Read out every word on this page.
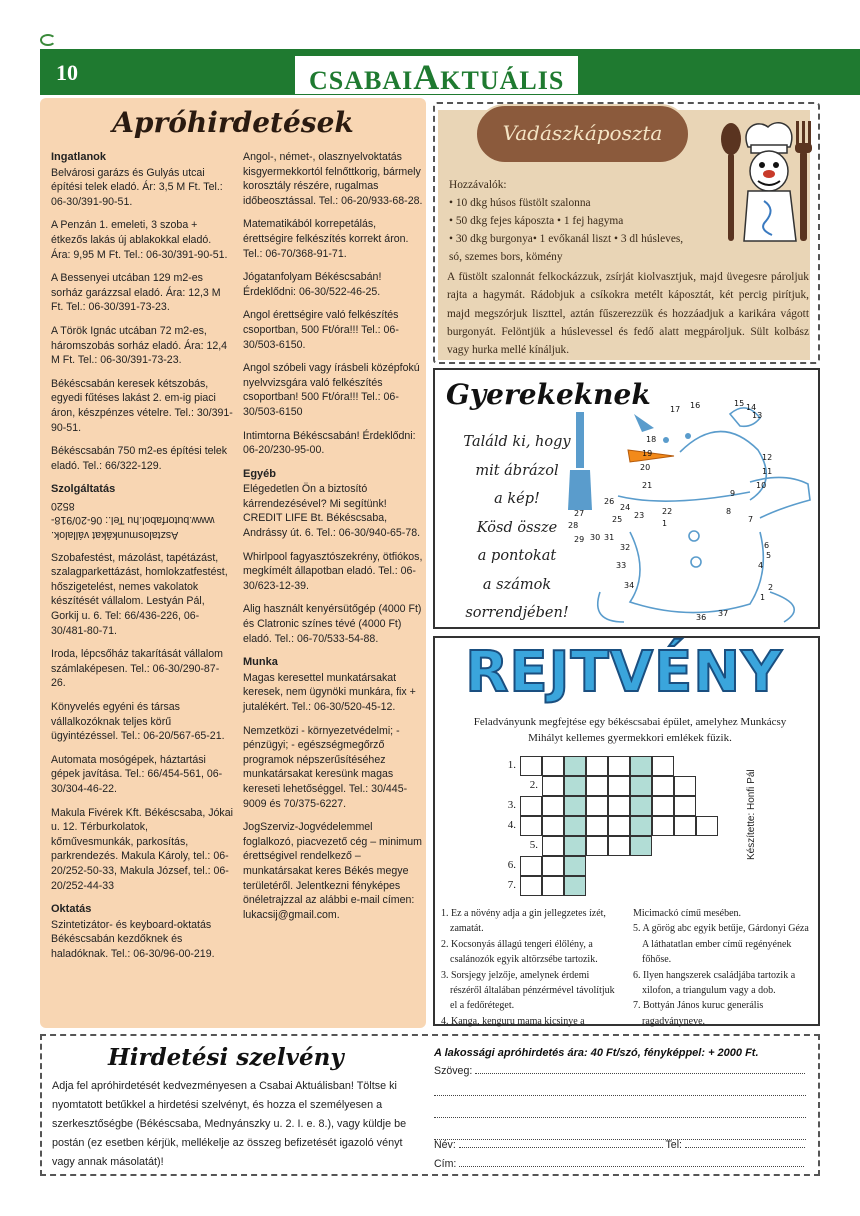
10	CSABAIAKTUÁLIS
Apróhirdetések
Ingatlanok

Belvárosi garázs és Gulyás utcai építési telek eladó. Ár: 3,5 M Ft. Tel.: 06-30/391-90-51.

A Penzán 1. emeleti, 3 szoba + étkezős lakás új ablakokkal eladó. Ára: 9,95 M Ft. Tel.: 06-30/391-90-51.

A Bessenyei utcában 129 m2-es sorház garázzsal eladó. Ára: 12,3 M Ft. Tel.: 06-30/391-73-23.

A Török Ignác utcában 72 m2-es, háromszobás sorház eladó. Ára: 12,4 M Ft. Tel.: 06-30/391-73-23.

Békéscsabán keresek kétszobás, egyedi fűtéses lakást 2. em-ig piaci áron, készpénzes vételre. Tel.: 30/391-90-51.

Békéscsabán 750 m2-es építési telek eladó. Tel.: 66/322-129.

Szolgáltatás

Asztalosmunkákat vállalok. www.butorfabol.hu Tel.: 06-20/918-8520

Szobafestést, mázolást, tapétázást, szalagparkettázást, homlokzatfestést, hőszigetelést, nemes vakolatok készítését vállalom. Lestyán Pál, Gorkij u. 6. Tel: 66/436-226, 06-30/481-80-71.

Iroda, lépcsőház takarítását vállalom számlaképesen. Tel.: 06-30/290-87-26.

Könyvelés egyéni és társas vállalkozóknak teljes körű ügyintézéssel. Tel.: 06-20/567-65-21.

Automata mosógépek, háztartási gépek javítása. Tel.: 66/454-561, 06-30/304-46-22.

Makula Fivérek Kft. Békéscsaba, Jókai u. 12. Térburkolatok, kőművesmunkák, parkosítás, parkrendezés. Makula Károly, tel.: 06-20/252-50-33, Makula József, tel.: 06-20/252-44-33

Oktatás

Szintetizátor- és keyboard-oktatás Békéscsabán kezdőknek és haladóknak. Tel.: 06-30/96-00-219.

Angol-, német-, olasznyelvoktatás kisgyermekkortól felnőttkorig, bármely korosztály részére, rugalmas időbeosztással. Tel.: 06-20/933-68-28.

Matematikából korrepetálás, érettségire felkészítés korrekt áron. Tel.: 06-70/368-91-71.

Jógatanfolyam Békéscsabán! Érdeklődni: 06-30/522-46-25.

Angol érettségire való felkészítés csoportban, 500 Ft/óra!!! Tel.: 06-30/503-6150.

Angol szóbeli vagy írásbeli középfokú nyelvvizsgára való felkészítés csoportban! 500 Ft/óra!!! Tel.: 06-30/503-6150

Intimtorna Békéscsabán! Érdeklődni: 06-20/230-95-00.

Egyéb

Elégedetlen Ön a biztosító kárrendezésével? Mi segítünk! CREDIT LIFE Bt. Békéscsaba, Andrássy út. 6. Tel.: 06-30/940-65-78.

Whirlpool fagyasztószekrény, ötfiókos, megkímélt állapotban eladó. Tel.: 06-30/623-12-39.

Alig használt kenyérsütőgép (4000 Ft) és Clatronic színes tévé (4000 Ft) eladó. Tel.: 06-70/533-54-88.

Munka

Magas keresettel munkatársakat keresek, nem ügynöki munkára, fix + jutalékért. Tel.: 06-30/520-45-12.

Nemzetközi - környezetvédelmi; - pénzügyi; - egészségmegőrző programok népszerűsítéséhez munkatársakat keresünk magas kereseti lehetőséggel. Tel.: 30/445-9009 és 70/375-6227.

JogSzerviz-Jogvédelemmel foglalkozó, piacvezető cég – minimum érettségivel rendelkező – munkatársakat keres Békés megye területéről. Jelentkezni fényképes önéletrajzzal az alábbi e-mail címen: lukacsij@gmail.com.

Vadászkáposzta
Hozzávalók:
• 10 dkg húsos füstölt szalonna
• 50 dkg fejes káposzta • 1 fej hagyma
• 30 dkg burgonya• 1 evőkanál liszt • 3 dl húsleves,
só, szemes bors, kömény
A füstölt szalonnát felkockázzuk, zsírját kiolvasztjuk, majd üvegesre pároljuk rajta a hagymát. Rádobjuk a csíkokra metélt káposztát, két percig pirítjuk, majd megszórjuk liszttel, aztán fűszerezzük és hozzáadjuk a karikára vágott burgonyát. Felöntjük a húslevessel és fedő alatt megpároljuk. Sült kolbász vagy hurka mellé kínáljuk.
Gyerekeknek
Találd ki, hogy
mit ábrázol
a kép!
Kösd össze
a pontokat
a számok
sorrendjében!
17 16	15 14
13
18
19
20
21
12
11
10
9
8
7
26
24
25 23 22
1
27
28
29 30 31
32
33
34
6
5
4
2
1
37
36
REJTVÉNY
Feladványunk megfejtése egy békéscsabai épület, amelyhez Munkácsy Mihályt kellemes gyermekkori emlékek fűzik.
1.
2.
3.
4.
5.
6.
7.
Készítette: Honfi Pál
1. Ez a növény adja a gin jellegzetes ízét, zamatát.
2. Kocsonyás állagú tengeri élőlény, a csalánozók egyik altörzsébe tartozik.
3. Sorsjegy jelzője, amelynek érdemi részéről általában pénzérmével távolítjuk el a fedőréteget.
4. Kanga, kenguru mama kicsinye a
Micimackó című mesében.
5. A görög abc egyik betűje, Gárdonyi Géza A láthatatlan ember című regényének főhőse.
6. Ilyen hangszerek családjába tartozik a xilofon, a triangulum vagy a dob.
7. Bottyán János kuruc generális ragadványneve.
Hirdetési szelvény
Adja fel apróhirdetését kedvezményesen a Csabai Aktuálisban! Töltse ki nyomtatott betűkkel a hirdetési szelvényt, és hozza el személyesen a szerkesztőségbe (Békéscsaba, Mednyánszky u. 2. I. e. 8.), vagy küldje be postán (ez esetben kérjük, mellékelje az összeg befizetését igazoló vényt vagy annak másolatát)!
A lakossági apróhirdetés ára: 40 Ft/szó, fényképpel: + 2000 Ft.
Szöveg:
Név:	Tel:
Cím:
